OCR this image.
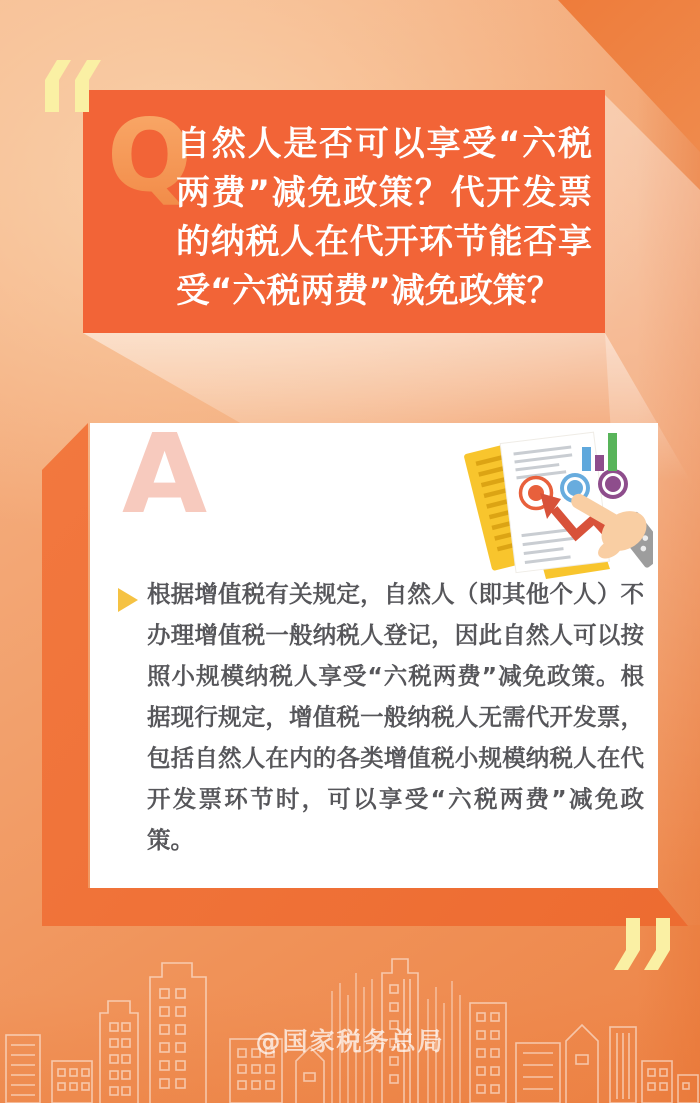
Q
自然人是否可以享受“六税两费”减免政策？代开发票的纳税人在代开环节能否享受“六税两费”减免政策？
A
根据增值税有关规定，自然人（即其他个人）不办理增值税一般纳税人登记，因此自然人可以按照小规模纳税人享受“六税两费”减免政策。根据现行规定，增值税一般纳税人无需代开发票，包括自然人在内的各类增值税小规模纳税人在代开发票环节时，可以享受“六税两费”减免政策。
@国家税务总局
